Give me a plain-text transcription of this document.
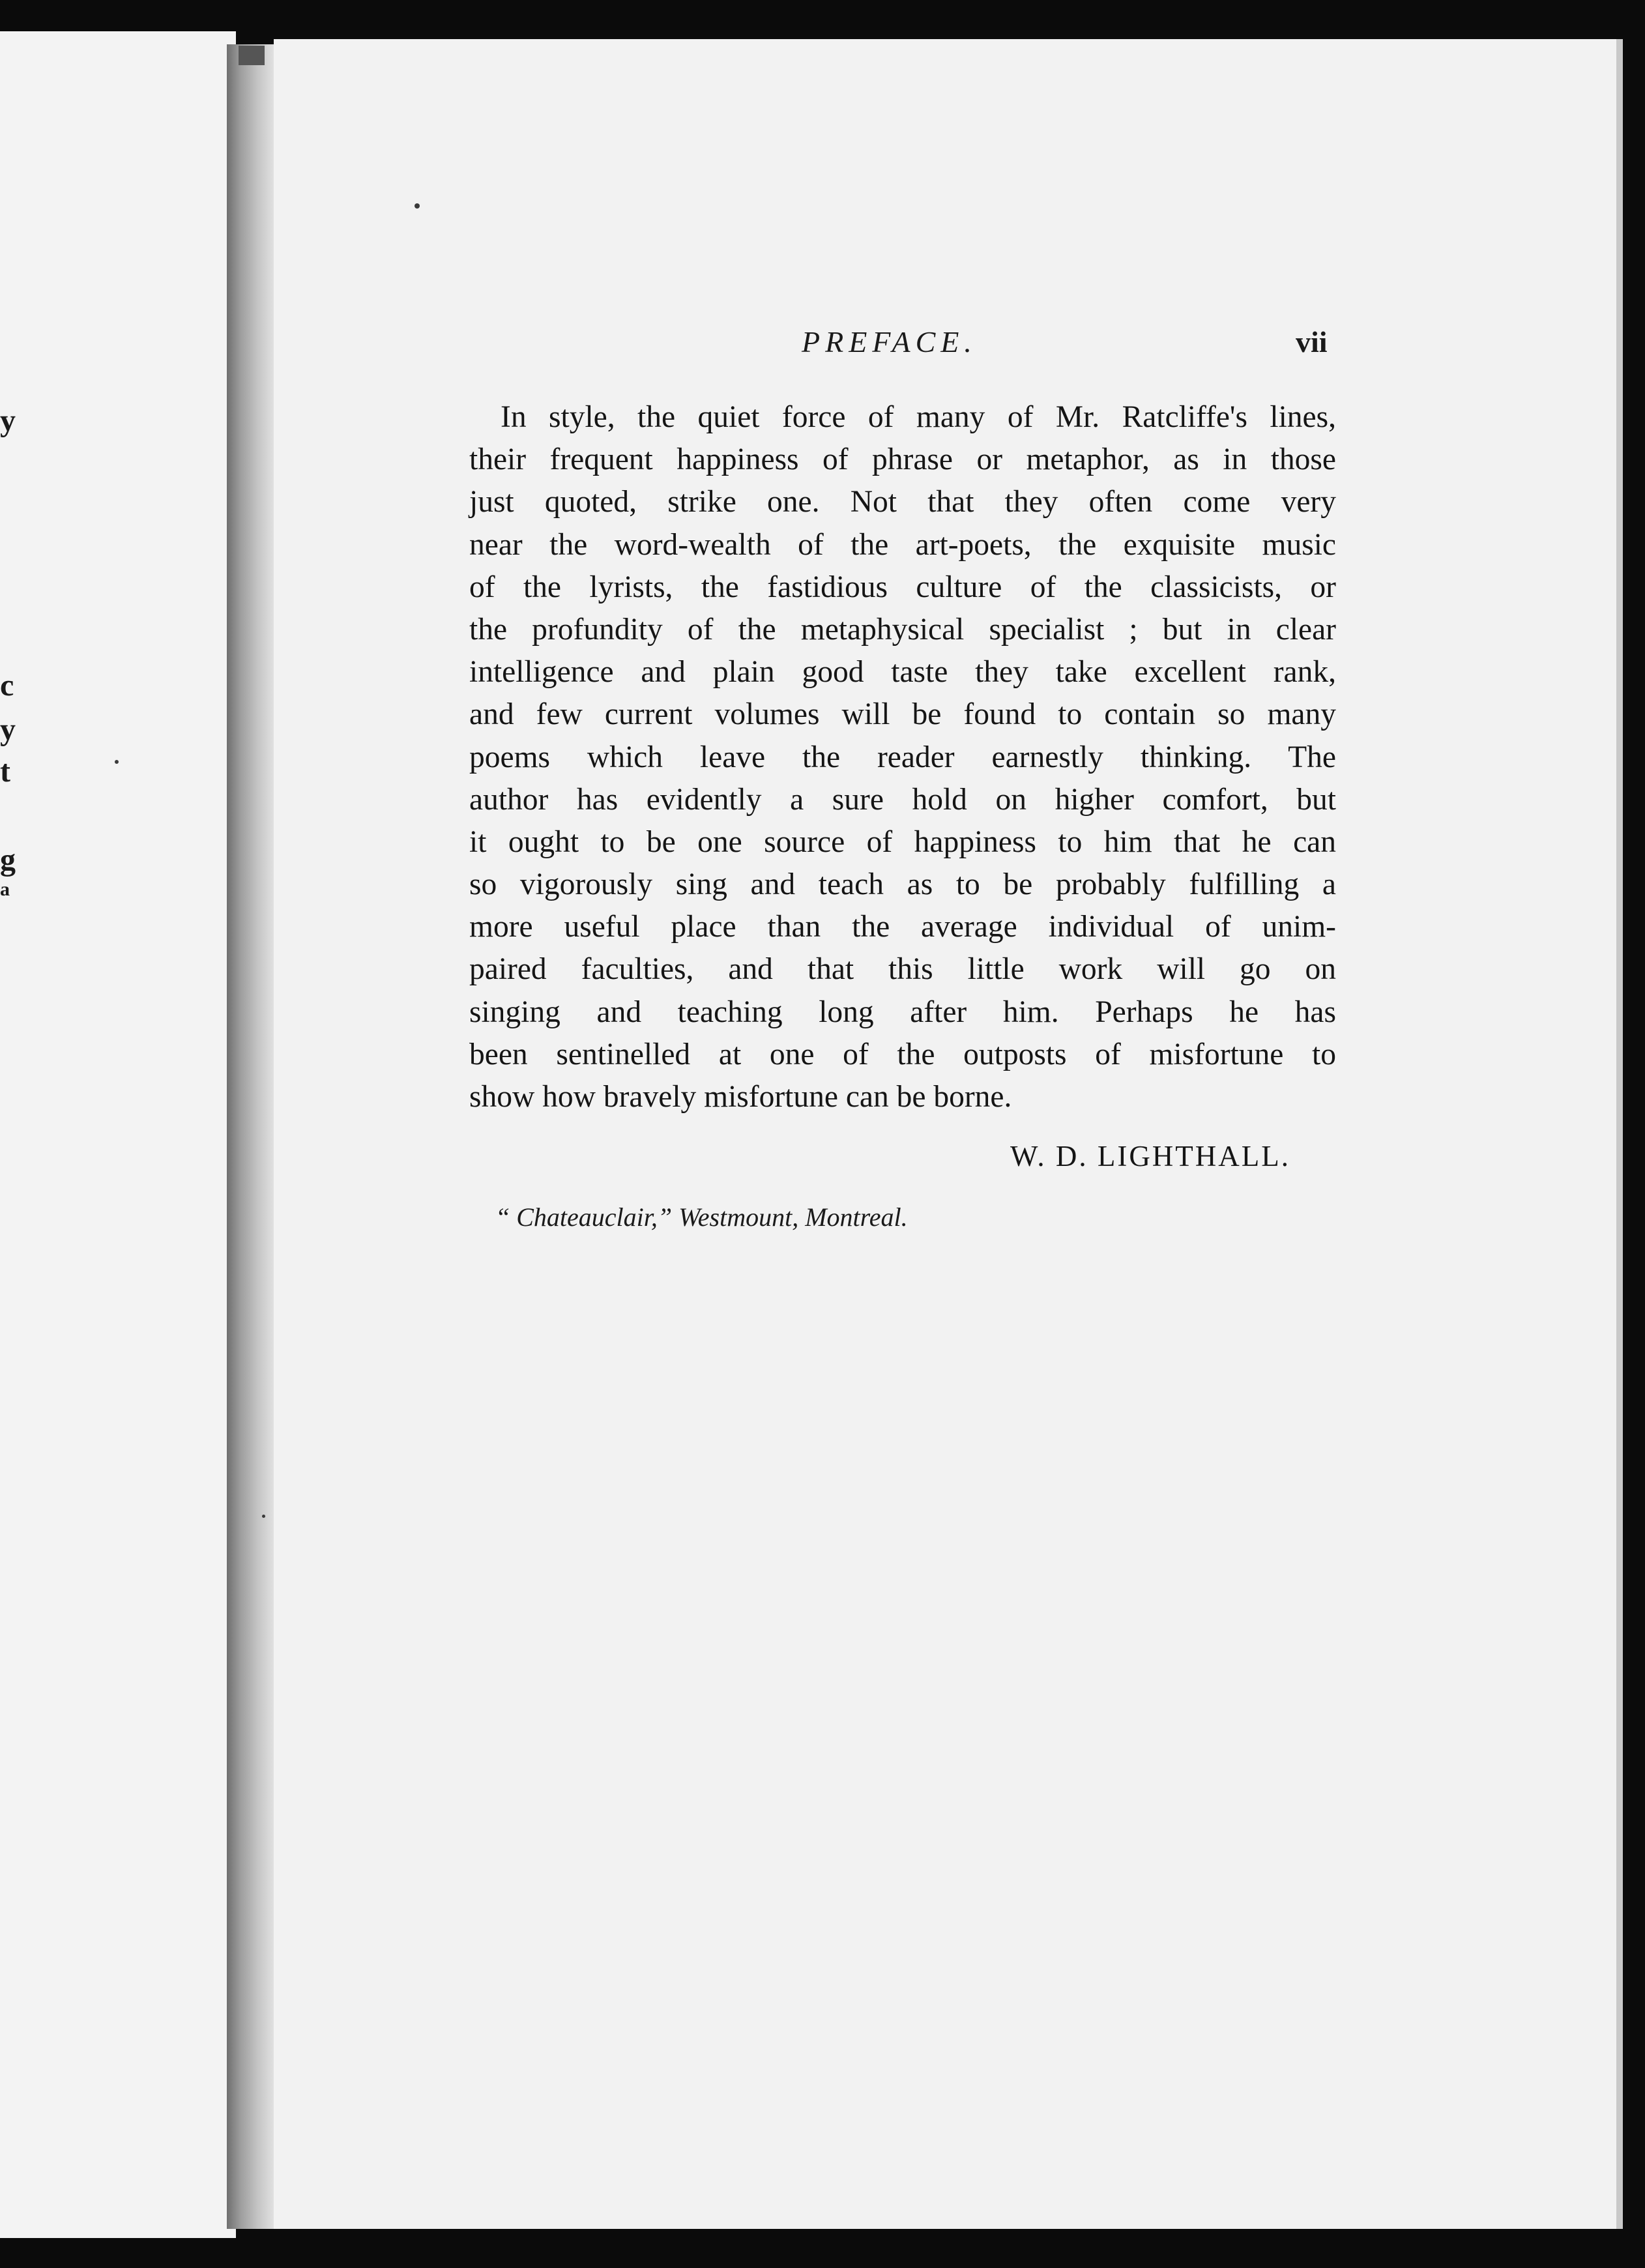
y
c
y
t
g
a
PREFACE.	vii
In style, the quiet force of many of Mr. Ratcliffe's lines,
their frequent happiness of phrase or metaphor, as in those
just quoted, strike one. Not that they often come very
near the word-wealth of the art-poets, the exquisite music
of the lyrists, the fastidious culture of the classicists, or
the profundity of the metaphysical specialist ; but in clear
intelligence and plain good taste they take excellent rank,
and few current volumes will be found to contain so many
poems which leave the reader earnestly thinking. The
author has evidently a sure hold on higher comfort, but
it ought to be one source of happiness to him that he can
so vigorously sing and teach as to be probably fulfilling a
more useful place than the average individual of unim-
paired faculties, and that this little work will go on
singing and teaching long after him. Perhaps he has
been sentinelled at one of the outposts of misfortune to
show how bravely misfortune can be borne.
W. D. LIGHTHALL.
“ Chateauclair,” Westmount, Montreal.
